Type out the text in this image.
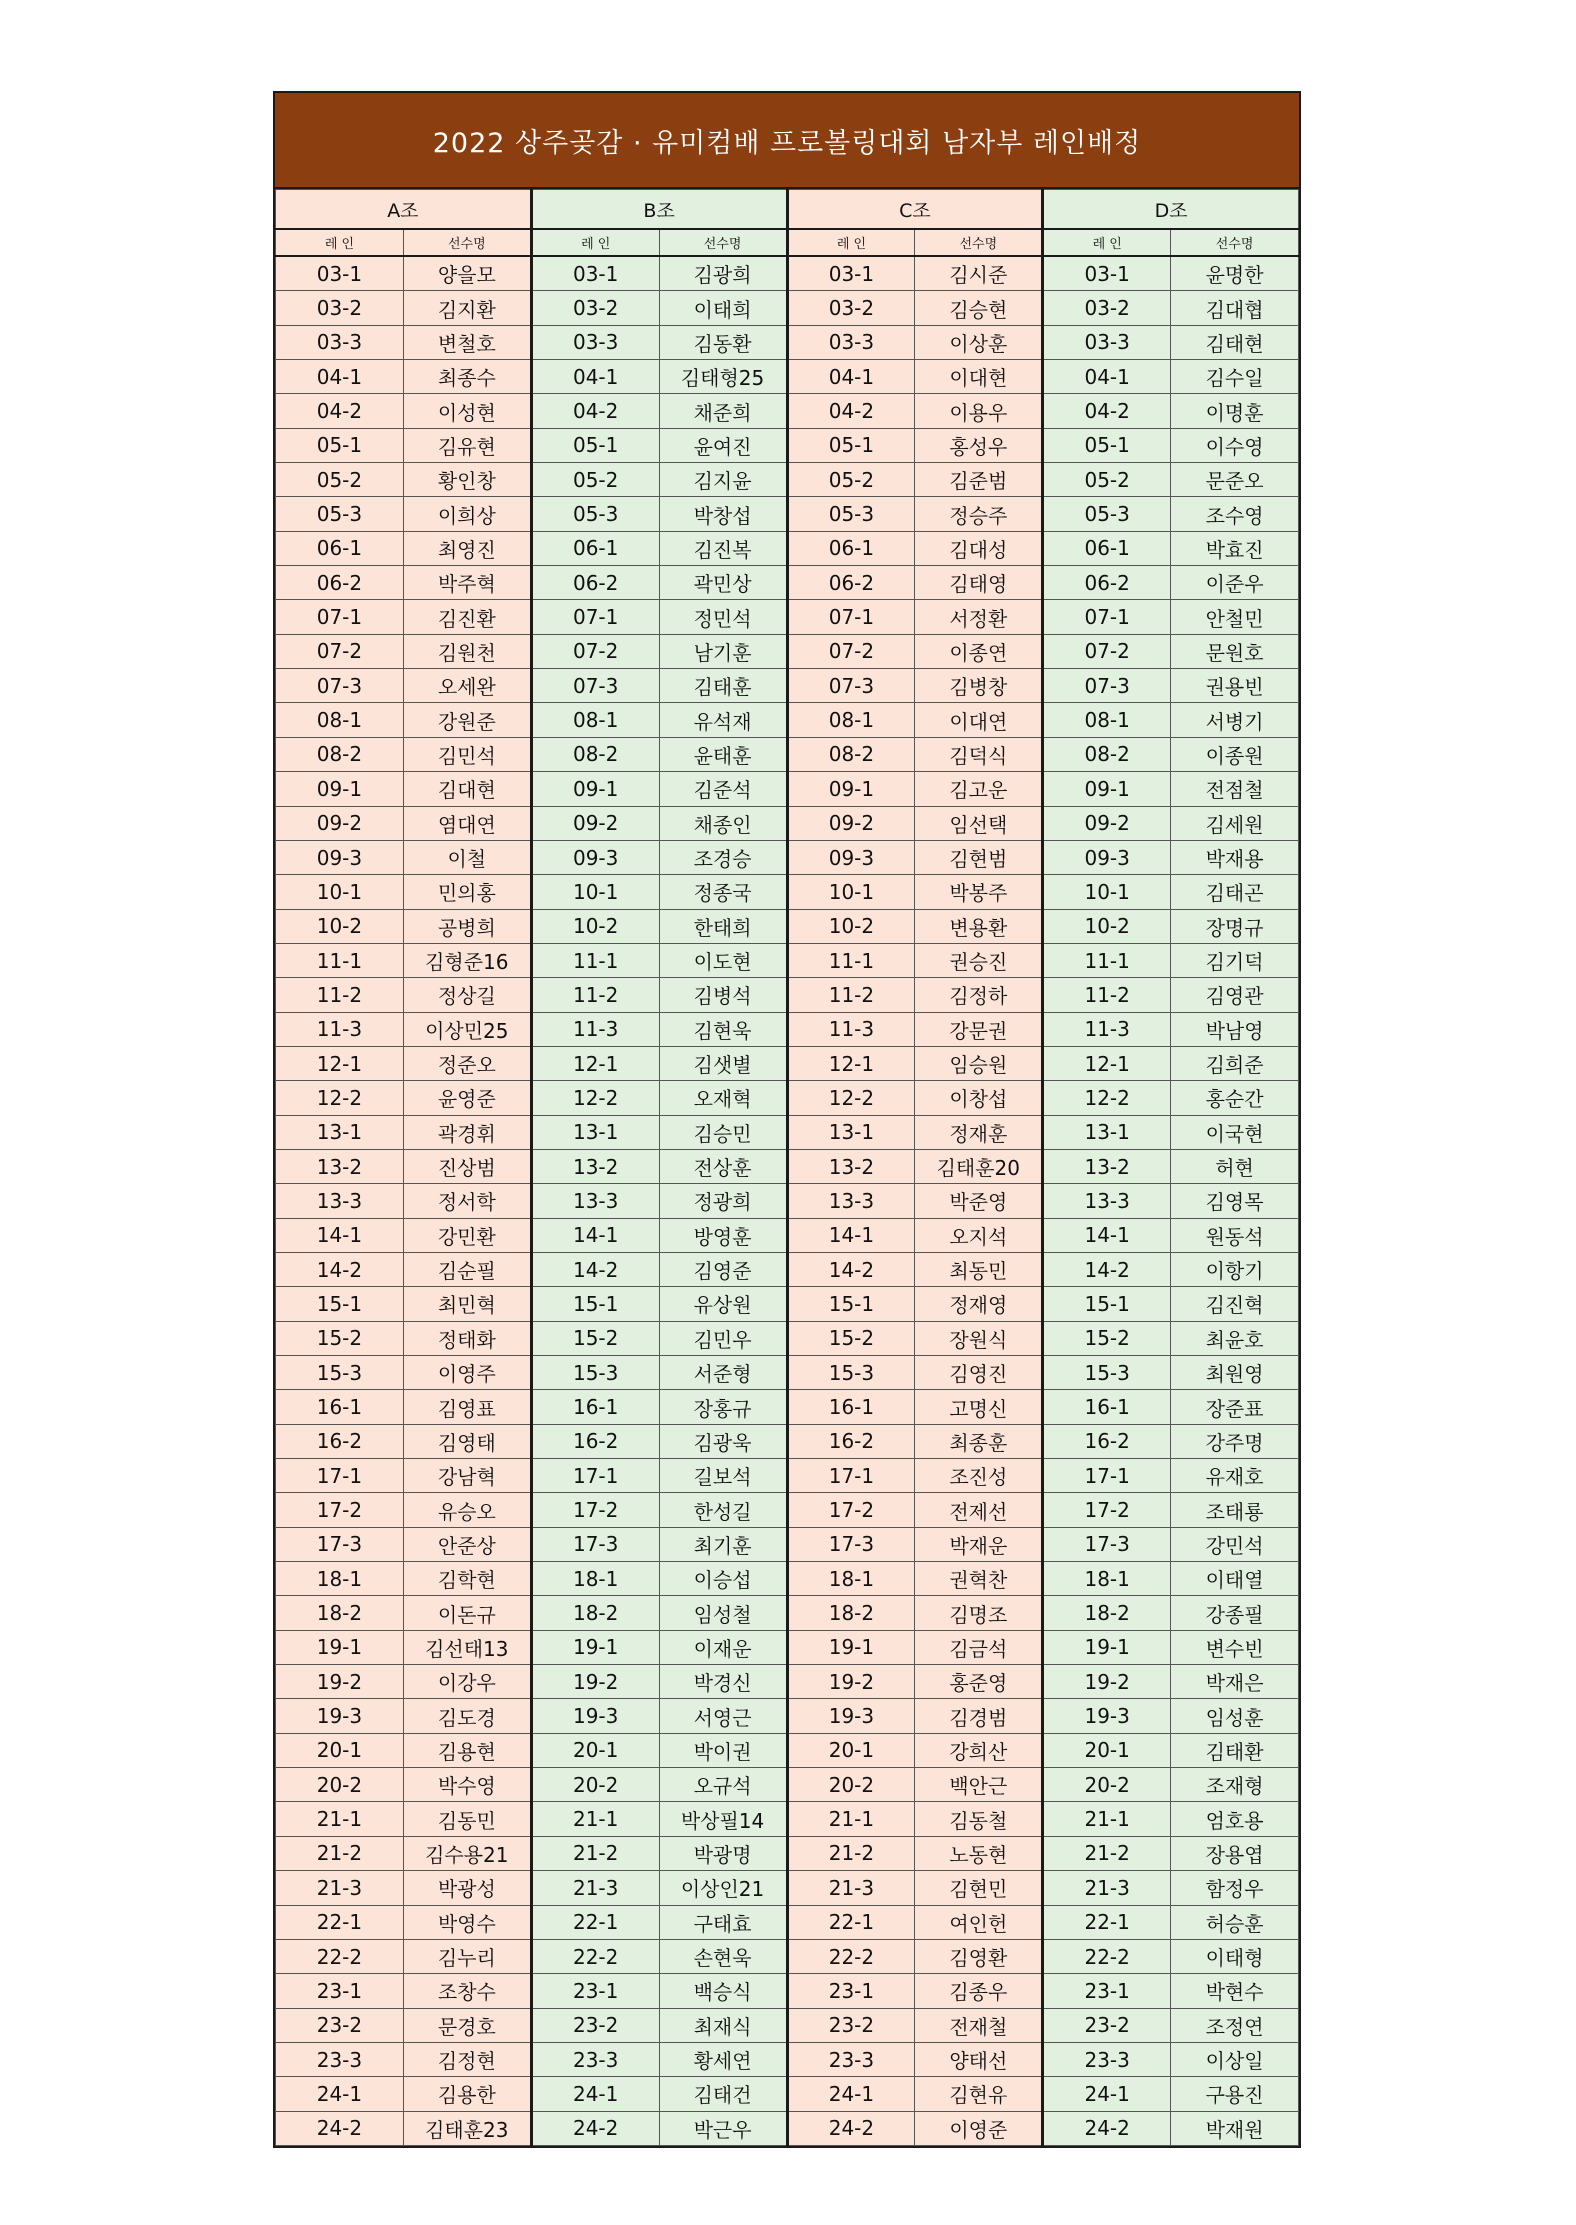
2022 상주곶감 · 유미컴배 프로볼링대회 남자부 레인배정
A조		B조		C조		D조	
레 인	선수명	레 인	선수명	레 인	선수명	레 인	선수명
03-1	양을모	03-1	김광희	03-1	김시준	03-1	윤명한
03-2	김지환	03-2	이태희	03-2	김승현	03-2	김대협
03-3	변철호	03-3	김동환	03-3	이상훈	03-3	김태현
04-1	최종수	04-1	김태형25	04-1	이대현	04-1	김수일
04-2	이성현	04-2	채준희	04-2	이용우	04-2	이명훈
05-1	김유현	05-1	윤여진	05-1	홍성우	05-1	이수영
05-2	황인창	05-2	김지윤	05-2	김준범	05-2	문준오
05-3	이희상	05-3	박창섭	05-3	정승주	05-3	조수영
06-1	최영진	06-1	김진복	06-1	김대성	06-1	박효진
06-2	박주혁	06-2	곽민상	06-2	김태영	06-2	이준우
07-1	김진환	07-1	정민석	07-1	서정환	07-1	안철민
07-2	김원천	07-2	남기훈	07-2	이종연	07-2	문원호
07-3	오세완	07-3	김태훈	07-3	김병창	07-3	권용빈
08-1	강원준	08-1	유석재	08-1	이대연	08-1	서병기
08-2	김민석	08-2	윤태훈	08-2	김덕식	08-2	이종원
09-1	김대현	09-1	김준석	09-1	김고운	09-1	전점철
09-2	염대연	09-2	채종인	09-2	임선택	09-2	김세원
09-3	이철	09-3	조경승	09-3	김현범	09-3	박재용
10-1	민의홍	10-1	정종국	10-1	박봉주	10-1	김태곤
10-2	공병희	10-2	한태희	10-2	변용환	10-2	장명규
11-1	김형준16	11-1	이도현	11-1	권승진	11-1	김기덕
11-2	정상길	11-2	김병석	11-2	김정하	11-2	김영관
11-3	이상민25	11-3	김현욱	11-3	강문권	11-3	박남영
12-1	정준오	12-1	김샛별	12-1	임승원	12-1	김희준
12-2	윤영준	12-2	오재혁	12-2	이창섭	12-2	홍순간
13-1	곽경휘	13-1	김승민	13-1	정재훈	13-1	이국현
13-2	진상범	13-2	전상훈	13-2	김태훈20	13-2	허현
13-3	정서학	13-3	정광희	13-3	박준영	13-3	김영목
14-1	강민환	14-1	방영훈	14-1	오지석	14-1	원동석
14-2	김순필	14-2	김영준	14-2	최동민	14-2	이항기
15-1	최민혁	15-1	유상원	15-1	정재영	15-1	김진혁
15-2	정태화	15-2	김민우	15-2	장원식	15-2	최윤호
15-3	이영주	15-3	서준형	15-3	김영진	15-3	최원영
16-1	김영표	16-1	장홍규	16-1	고명신	16-1	장준표
16-2	김영태	16-2	김광욱	16-2	최종훈	16-2	강주명
17-1	강남혁	17-1	길보석	17-1	조진성	17-1	유재호
17-2	유승오	17-2	한성길	17-2	전제선	17-2	조태룡
17-3	안준상	17-3	최기훈	17-3	박재운	17-3	강민석
18-1	김학현	18-1	이승섭	18-1	권혁찬	18-1	이태열
18-2	이돈규	18-2	임성철	18-2	김명조	18-2	강종필
19-1	김선태13	19-1	이재운	19-1	김금석	19-1	변수빈
19-2	이강우	19-2	박경신	19-2	홍준영	19-2	박재은
19-3	김도경	19-3	서영근	19-3	김경범	19-3	임성훈
20-1	김용현	20-1	박이권	20-1	강희산	20-1	김태환
20-2	박수영	20-2	오규석	20-2	백안근	20-2	조재형
21-1	김동민	21-1	박상필14	21-1	김동철	21-1	엄호용
21-2	김수용21	21-2	박광명	21-2	노동현	21-2	장용엽
21-3	박광성	21-3	이상인21	21-3	김현민	21-3	함정우
22-1	박영수	22-1	구태효	22-1	여인헌	22-1	허승훈
22-2	김누리	22-2	손현욱	22-2	김영환	22-2	이태형
23-1	조창수	23-1	백승식	23-1	김종우	23-1	박현수
23-2	문경호	23-2	최재식	23-2	전재철	23-2	조정연
23-3	김정현	23-3	황세연	23-3	양태선	23-3	이상일
24-1	김용한	24-1	김태건	24-1	김현유	24-1	구용진
24-2	김태훈23	24-2	박근우	24-2	이영준	24-2	박재원
